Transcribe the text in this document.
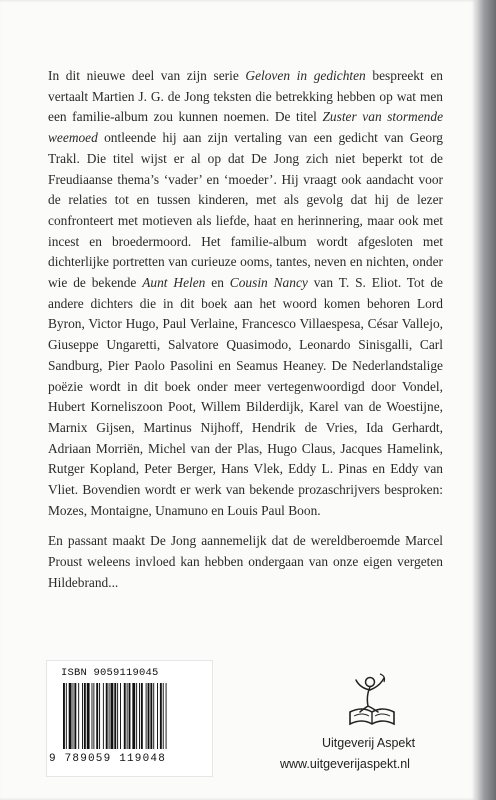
In dit nieuwe deel van zijn serie Geloven in gedichten bespreekt en vertaalt Martien J. G. de Jong teksten die betrekking hebben op wat men een familie-album zou kunnen noemen. De titel Zuster van stormende weemoed ontleende hij aan zijn vertaling van een gedicht van Georg Trakl. Die titel wijst er al op dat De Jong zich niet beperkt tot de Freudiaanse thema’s ‘vader’ en ‘moeder’. Hij vraagt ook aandacht voor de relaties tot en tussen kinderen, met als gevolg dat hij de lezer confronteert met motieven als liefde, haat en herinnering, maar ook met incest en broedermoord. Het familie-album wordt afgesloten met dichterlijke portretten van curieuze ooms, tantes, neven en nichten, onder wie de bekende Aunt Helen en Cousin Nancy van T. S. Eliot. Tot de andere dichters die in dit boek aan het woord komen behoren Lord Byron, Victor Hugo, Paul Verlaine, Francesco Villaespesa, César Vallejo, Giuseppe Ungaretti, Salvatore Quasimodo, Leonardo Sinisgalli, Carl Sandburg, Pier Paolo Pasolini en Seamus Heaney. De Nederlandstalige poëzie wordt in dit boek onder meer vertegenwoordigd door Vondel, Hubert Korneliszoon Poot, Willem Bilderdijk, Karel van de Woestijne, Marnix Gijsen, Martinus Nijhoff, Hendrik de Vries, Ida Gerhardt, Adriaan Morriën, Michel van der Plas, Hugo Claus, Jacques Hamelink, Rutger Kopland, Peter Berger, Hans Vlek, Eddy L. Pinas en Eddy van Vliet. Bovendien wordt er werk van bekende prozaschrijvers besproken: Mozes, Montaigne, Unamuno en Louis Paul Boon.

En passant maakt De Jong aannemelijk dat de wereldberoemde Marcel Proust weleens invloed kan hebben ondergaan van onze eigen vergeten Hildebrand...

ISBN 9059119045
9 789059 119048
Uitgeverij Aspekt
www.uitgeverijaspekt.nl
